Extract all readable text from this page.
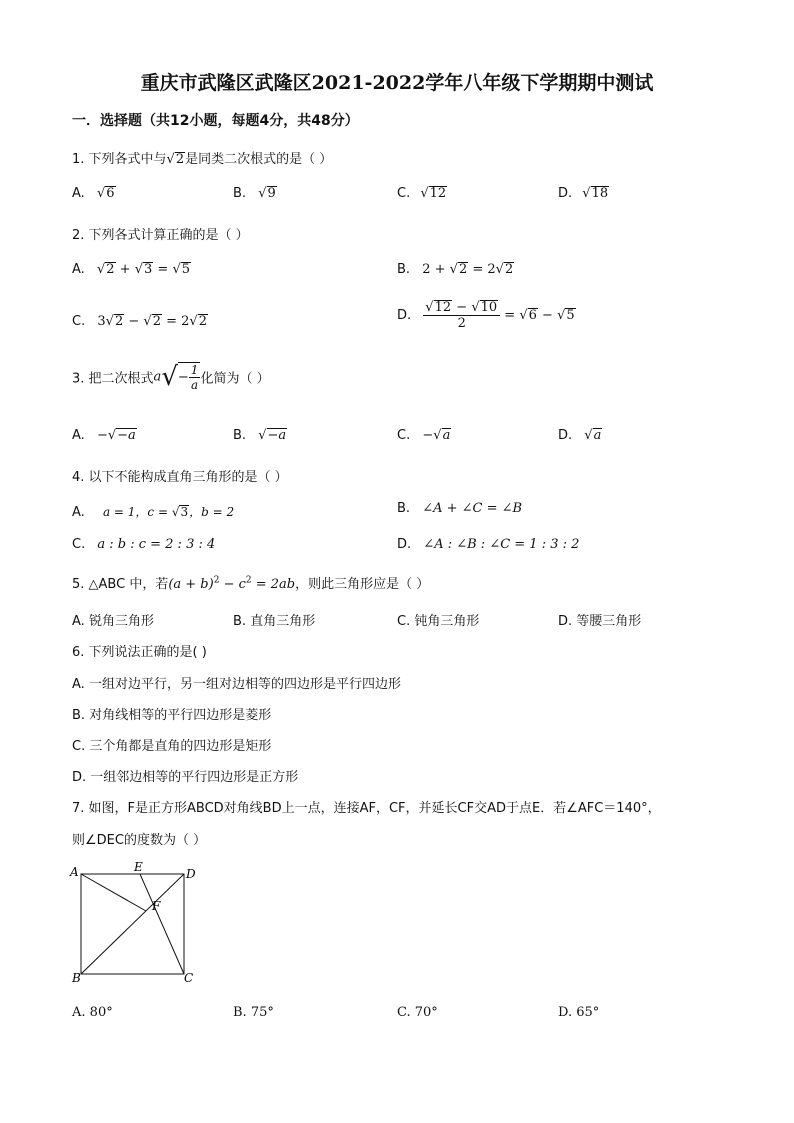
重庆市武隆区武隆区2021-2022学年八年级下学期期中测试
一．选择题（共12小题，每题4分，共48分）
1. 下列各式中与√2是同类二次根式的是（ ）
A. √6	B. √9	C. √12	D. √18
2. 下列各式计算正确的是（ ）
A. √2 + √3 = √5	B. 2 + √2 = 2√2
C. 3√2 − √2 = 2√2	D. $\frac{√12 - √10}{2} = √6 - √5$
3. 把二次根式$a√- \frac{1}{a}$ 化简为（ ）
A. −√−a	B. √−a	C. −√a	D. √a
4. 以下不能构成直角三角形的是（ ）
A. a = 1，c = √3，b = 2	B. ∠A + ∠C = ∠B
C. a : b : c = 2 : 3 : 4	D. ∠A : ∠B : ∠C = 1 : 3 : 2
5. △ABC 中，若$(a + b)^2 - c^2 = 2ab$，则此三角形应是（ ）
A. 锐角三角形	B. 直角三角形	C. 钝角三角形	D. 等腰三角形
6. 下列说法正确的是( )
A. 一组对边平行，另一组对边相等的四边形是平行四边形
B. 对角线相等的平行四边形是菱形
C. 三个角都是直角的四边形是矩形
D. 一组邻边相等的平行四边形是正方形
7. 如图，F是正方形ABCD对角线BD上一点，连接AF，CF，并延长CF交AD于点E．若∠AFC＝140°，
则∠DEC的度数为（ ）
A
B	C
D
E
F
A. 80°	B. 75°	C. 70°	D. 65°
